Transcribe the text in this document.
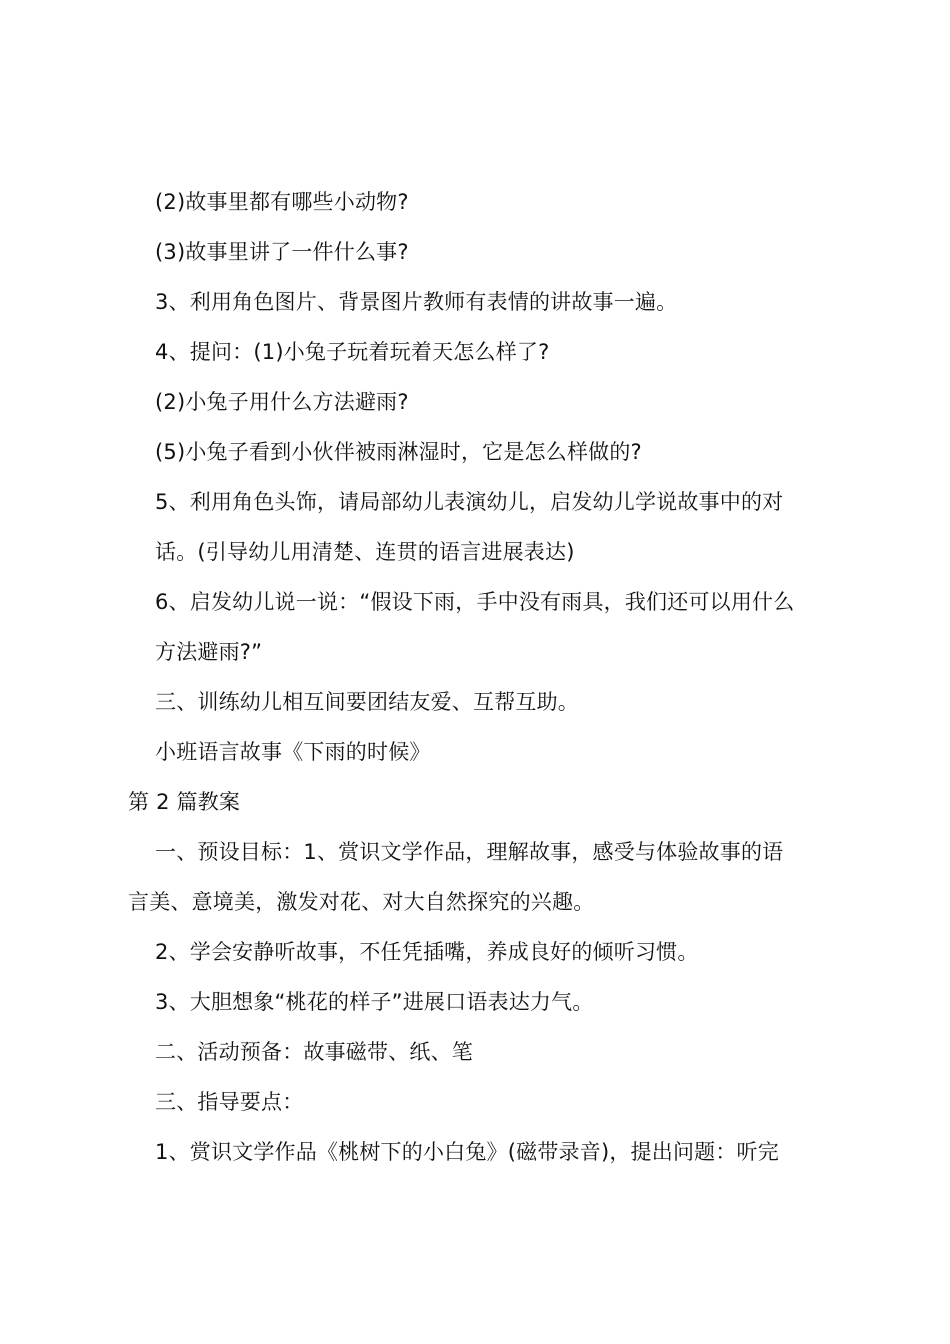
(2)故事里都有哪些小动物?
(3)故事里讲了一件什么事?
3、利用角色图片、背景图片教师有表情的讲故事一遍。
4、提问：(1)小兔子玩着玩着天怎么样了?
(2)小兔子用什么方法避雨?
(5)小兔子看到小伙伴被雨淋湿时，它是怎么样做的?
5、利用角色头饰，请局部幼儿表演幼儿，启发幼儿学说故事中的对
话。(引导幼儿用清楚、连贯的语言进展表达)
6、启发幼儿说一说：“假设下雨，手中没有雨具，我们还可以用什么
方法避雨?”
三、训练幼儿相互间要团结友爱、互帮互助。
小班语言故事《下雨的时候》
第 2 篇教案
一、预设目标：1、赏识文学作品，理解故事，感受与体验故事的语
言美、意境美，激发对花、对大自然探究的兴趣。
2、学会安静听故事，不任凭插嘴，养成良好的倾听习惯。
3、大胆想象“桃花的样子”进展口语表达力气。
二、活动预备：故事磁带、纸、笔
三、指导要点：
1、赏识文学作品《桃树下的小白兔》(磁带录音)，提出问题：听完
